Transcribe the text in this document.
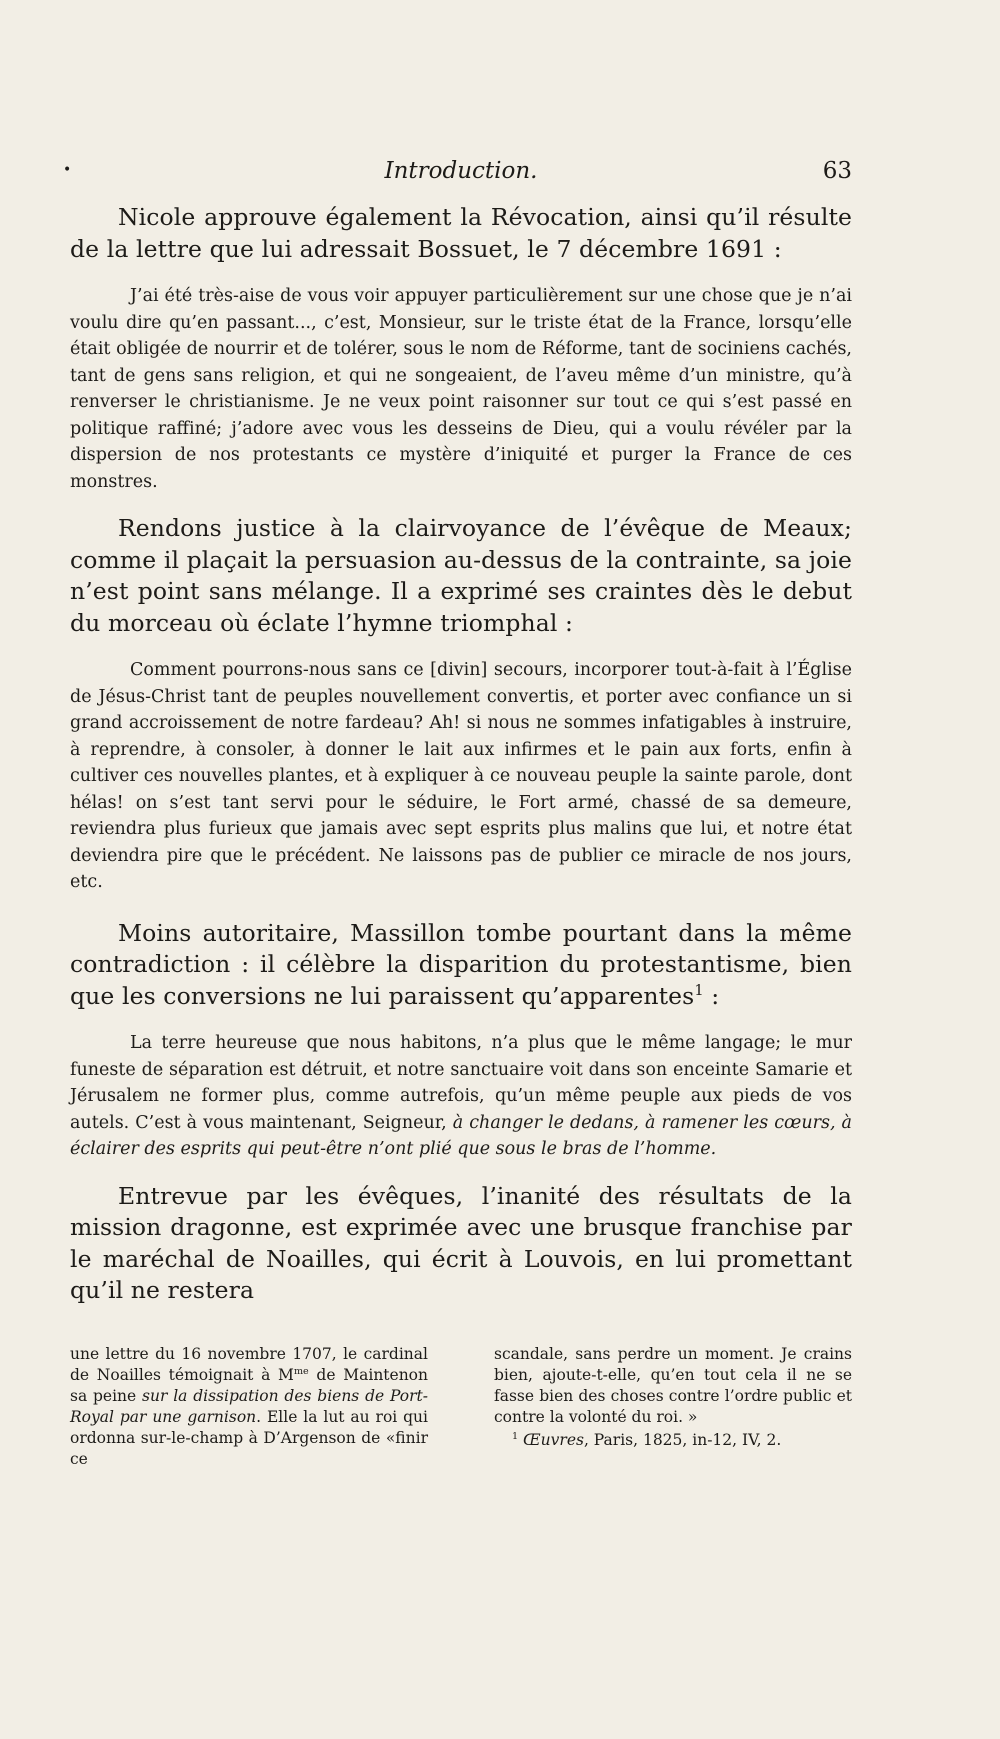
•	Introduction.	63

Nicole approuve également la Révocation, ainsi qu’il résulte de la lettre que lui adressait Bossuet, le 7 décembre 1691 :

J’ai été très-aise de vous voir appuyer particulièrement sur une chose que je n’ai voulu dire qu’en passant..., c’est, Monsieur, sur le triste état de la France, lorsqu’elle était obligée de nourrir et de tolérer, sous le nom de Réforme, tant de sociniens cachés, tant de gens sans religion, et qui ne songeaient, de l’aveu même d’un ministre, qu’à renverser le christianisme. Je ne veux point raisonner sur tout ce qui s’est passé en politique raffiné; j’adore avec vous les desseins de Dieu, qui a voulu révéler par la dispersion de nos protestants ce mystère d’iniquité et purger la France de ces monstres.

Rendons justice à la clairvoyance de l’évêque de Meaux; comme il plaçait la persuasion au-dessus de la contrainte, sa joie n’est point sans mélange. Il a exprimé ses craintes dès le debut du morceau où éclate l’hymne triomphal :

Comment pourrons-nous sans ce [divin] secours, incorporer tout-à-fait à l’Église de Jésus-Christ tant de peuples nouvellement convertis, et porter avec confiance un si grand accroissement de notre fardeau? Ah! si nous ne sommes infatigables à instruire, à reprendre, à consoler, à donner le lait aux infirmes et le pain aux forts, enfin à cultiver ces nouvelles plantes, et à expliquer à ce nouveau peuple la sainte parole, dont hélas! on s’est tant servi pour le séduire, le Fort armé, chassé de sa demeure, reviendra plus furieux que jamais avec sept esprits plus malins que lui, et notre état deviendra pire que le précédent. Ne laissons pas de publier ce miracle de nos jours, etc.

Moins autoritaire, Massillon tombe pourtant dans la même contradiction : il célèbre la disparition du protestantisme, bien que les conversions ne lui paraissent qu’apparentes$^1$ :

La terre heureuse que nous habitons, n’a plus que le même langage; le mur funeste de séparation est détruit, et notre sanctuaire voit dans son enceinte Samarie et Jérusalem ne former plus, comme autrefois, qu’un même peuple aux pieds de vos autels. C’est à vous maintenant, Seigneur, à changer le dedans, à ramener les cœurs, à éclairer des esprits qui peut-être n’ont plié que sous le bras de l’homme.

Entrevue par les évêques, l’inanité des résultats de la mission dragonne, est exprimée avec une brusque franchise par le maréchal de Noailles, qui écrit à Louvois, en lui promettant qu’il ne restera

une lettre du 16 novembre 1707, le cardinal de Noailles témoignait à $M^{me}$ de Maintenon sa peine sur la dissipation des biens de Port-Royal par une garnison. Elle la lut au roi qui ordonna sur-le-champ à D’Argenson de «finir ce

scandale, sans perdre un moment. Je crains bien, ajoute-t-elle, qu’en tout cela il ne se fasse bien des choses contre l’ordre public et contre la volonté du roi. »

$^1$ Œuvres, Paris, 1825, in-12, IV, 2.
